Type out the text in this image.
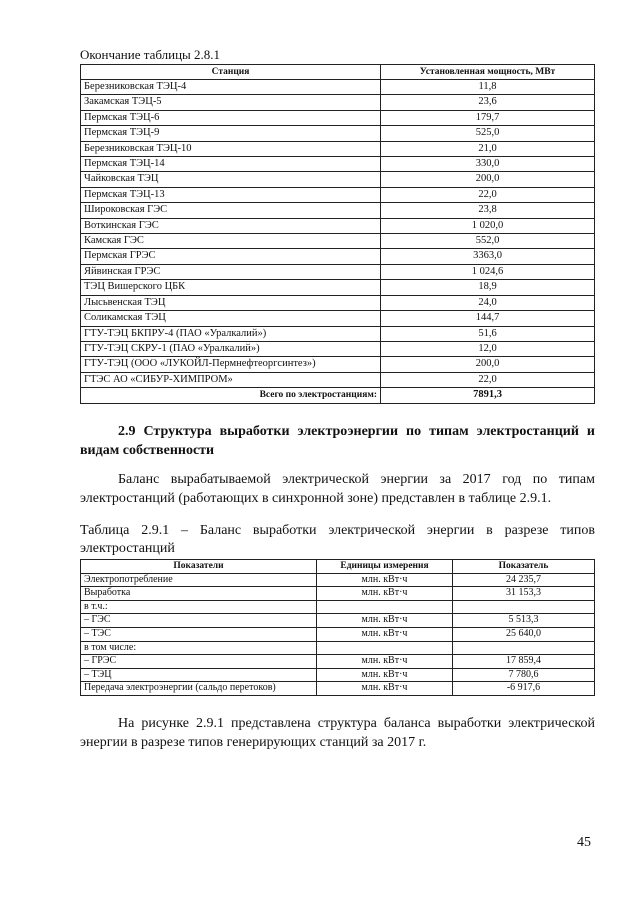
Окончание таблицы 2.8.1
Станция	Установленная мощность, МВт
Березниковская ТЭЦ-4	11,8
Закамская ТЭЦ-5	23,6
Пермская ТЭЦ-6	179,7
Пермская ТЭЦ-9	525,0
Березниковская ТЭЦ-10	21,0
Пермская ТЭЦ-14	330,0
Чайковская ТЭЦ	200,0
Пермская ТЭЦ-13	22,0
Широковская ГЭС	23,8
Воткинская ГЭС	1 020,0
Камская ГЭС	552,0
Пермская ГРЭС	3363,0
Яйвинская ГРЭС	1 024,6
ТЭЦ Вишерского ЦБК	18,9
Лысьвенская ТЭЦ	24,0
Соликамская ТЭЦ	144,7
ГТУ-ТЭЦ БКПРУ-4 (ПАО «Уралкалий»)	51,6
ГТУ-ТЭЦ СКРУ-1 (ПАО «Уралкалий»)	12,0
ГТУ-ТЭЦ (ООО «ЛУКОЙЛ-Пермнефтеоргсинтез»)	200,0
ГТЭС АО «СИБУР-ХИМПРОМ»	22,0
Всего по электростанциям:	7891,3
2.9 Структура выработки электроэнергии по типам электростанций и видам собственности
Баланс вырабатываемой электрической энергии за 2017 год по типам электростанций (работающих в синхронной зоне) представлен в таблице 2.9.1.
Таблица 2.9.1 – Баланс выработки электрической энергии в разрезе типов электростанций
Показатели	Единицы измерения	Показатель
Электропотребление	млн. кВт·ч	24 235,7
Выработка	млн. кВт·ч	31 153,3
в т.ч.:		
– ГЭС	млн. кВт·ч	5 513,3
– ТЭС	млн. кВт·ч	25 640,0
в том числе:		
– ГРЭС	млн. кВт·ч	17 859,4
– ТЭЦ	млн. кВт·ч	7 780,6
Передача электроэнергии (сальдо перетоков)	млн. кВт·ч	-6 917,6
На рисунке 2.9.1 представлена структура баланса выработки электрической энергии в разрезе типов генерирующих станций за 2017 г.
45
